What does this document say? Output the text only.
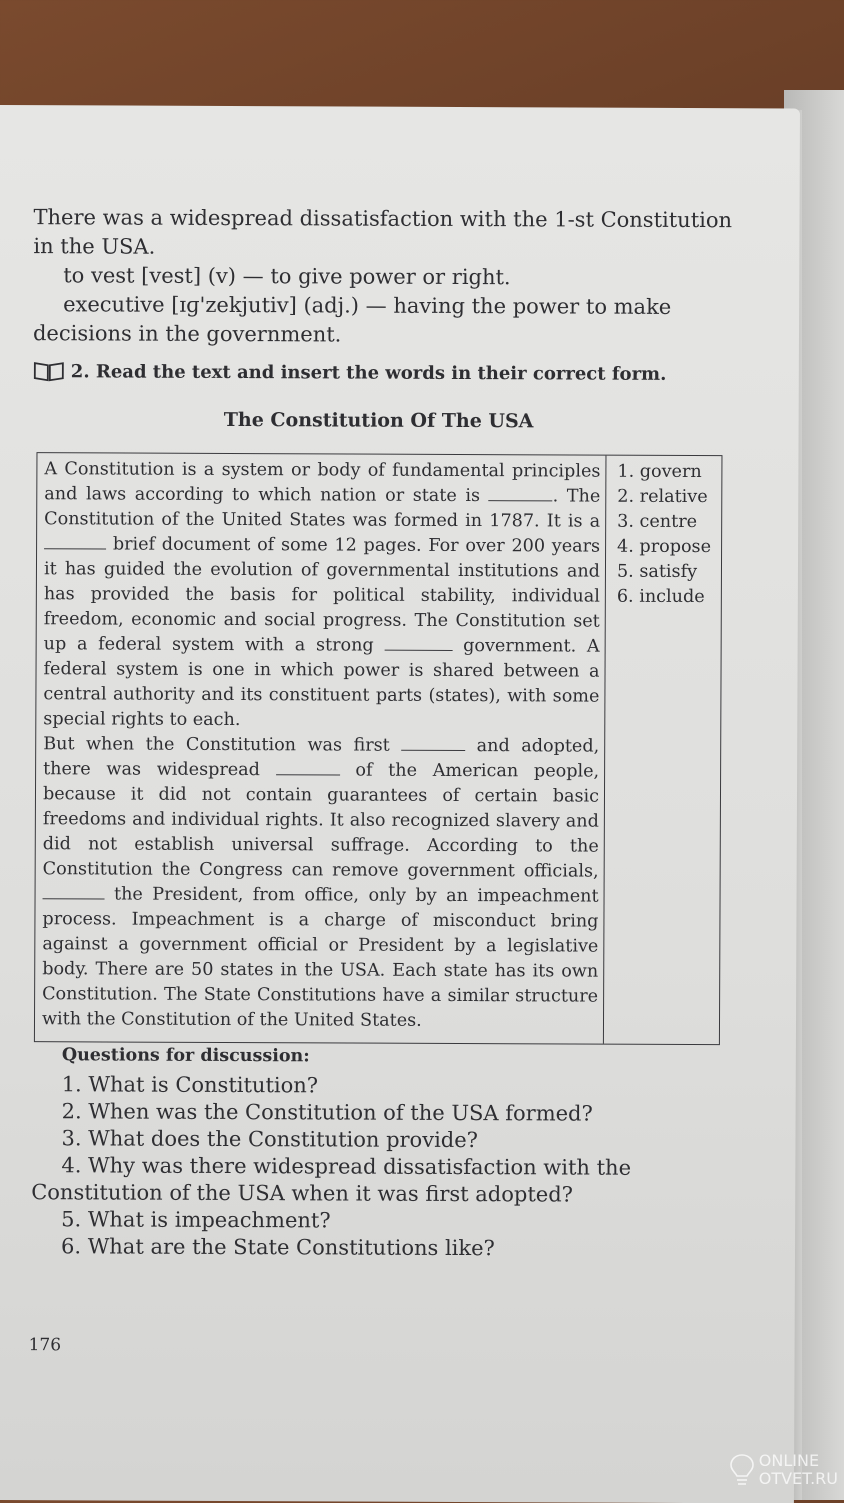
There was a widespread dissatisfaction with the 1-st Constitution in the USA.

to vest [vest] (v) — to give power or right.

executive [ɪɡ'zekjutiv] (adj.) — having the power to make decisions in the government.

2. Read the text and insert the words in their correct form.
The Constitution Of The USA

A Constitution is a system or body of fundamental principles and laws according to which nation or state is	. The Constitution of the United States was formed in 1787. It is a  brief document of some 12 pages. For over 200 years it has guided the evolution of governmental institutions and has provided the basis for political stability, individual freedom, economic and social progress. The Constitution set up a federal system with a strong	government. A federal system is one in which power is shared between a central authority and its constituent parts (states), with some special rights to each.

But when the Constitution was first	and adopted, there was widespread	of the American people, because it did not contain guarantees of certain basic freedoms and individual rights. It also recognized slavery and did not establish universal suffrage. According to the Constitution the Congress can remove government officials,  the President, from office, only by an impeachment process. Impeachment is a charge of misconduct bring against a government official or President by a legislative body. There are 50 states in the USA. Each state has its own Constitution. The State Constitutions have a similar structure with the Constitution of the United States.

1. govern
2. relative
3. centre
4. propose
5. satisfy
6. include
Questions for discussion:
1. What is Constitution?
2. When was the Constitution of the USA formed?
3. What does the Constitution provide?
4. Why was there widespread dissatisfaction with the Constitution of the USA when it was first adopted?
5. What is impeachment?
6. What are the State Constitutions like?
176
ONLINE
OTVET.RU
